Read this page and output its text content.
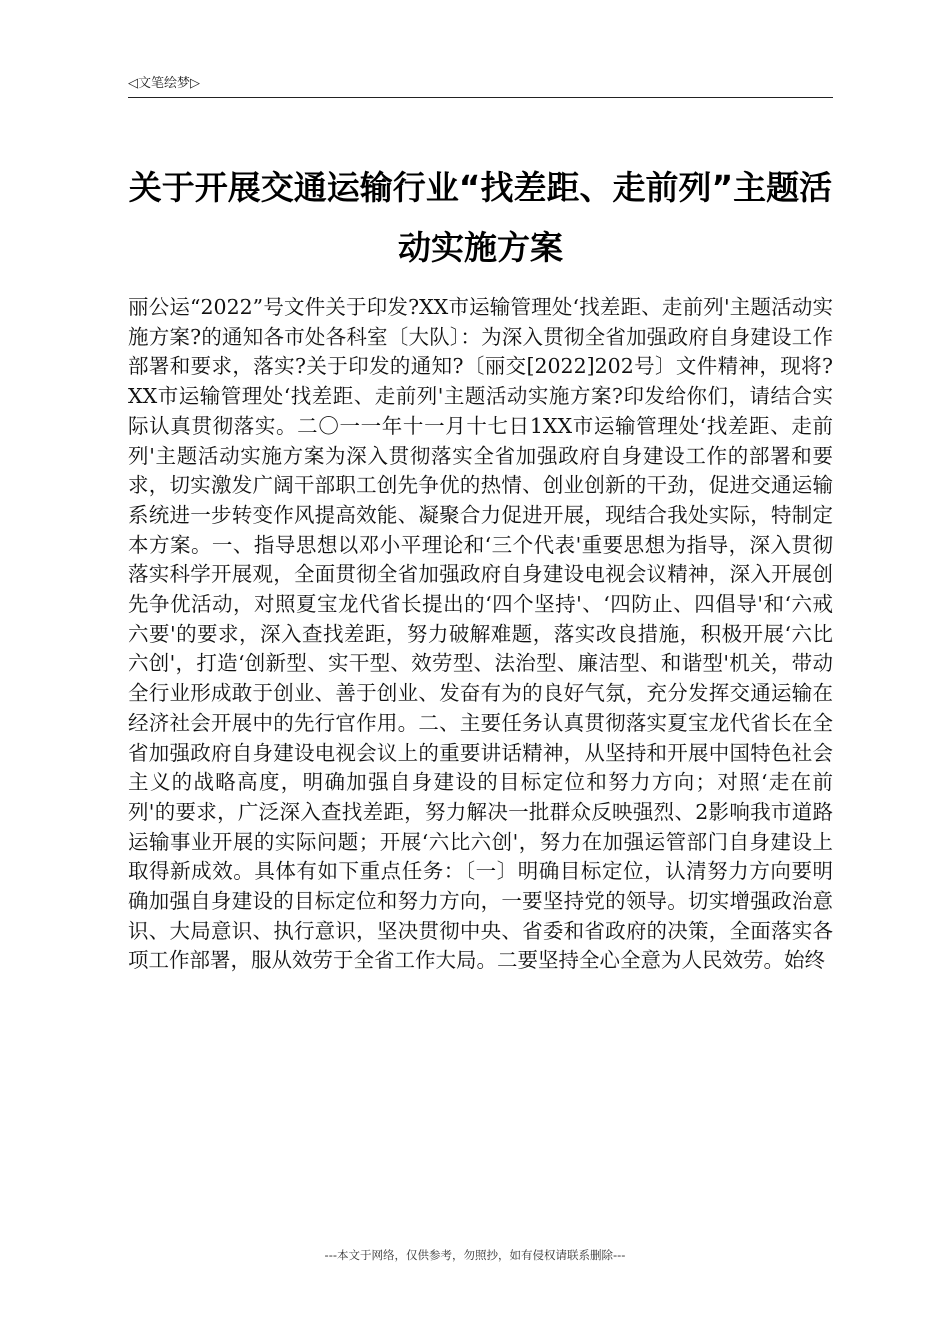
◁文笔绘梦▷
关于开展交通运输行业“找差距、走前列”主题活动实施方案

丽公运“2022”号文件关于印发?XX市运输管理处‘找差距、走前列'主题活动实施方案?的通知各市处各科室〔大队〕：为深入贯彻全省加强政府自身建设工作部署和要求，落实?关于印发的通知?〔丽交[2022]202号〕文件精神，现将?XX市运输管理处‘找差距、走前列'主题活动实施方案?印发给你们，请结合实际认真贯彻落实。二〇一一年十一月十七日1XX市运输管理处‘找差距、走前列'主题活动实施方案为深入贯彻落实全省加强政府自身建设工作的部署和要求，切实激发广阔干部职工创先争优的热情、创业创新的干劲，促进交通运输系统进一步转变作风提高效能、凝聚合力促进开展，现结合我处实际，特制定本方案。一、指导思想以邓小平理论和‘三个代表'重要思想为指导，深入贯彻落实科学开展观，全面贯彻全省加强政府自身建设电视会议精神，深入开展创先争优活动，对照夏宝龙代省长提出的‘四个坚持'、‘四防止、四倡导'和‘六戒六要'的要求，深入查找差距，努力破解难题，落实改良措施，积极开展‘六比六创'，打造‘创新型、实干型、效劳型、法治型、廉洁型、和谐型'机关，带动全行业形成敢于创业、善于创业、发奋有为的良好气氛，充分发挥交通运输在经济社会开展中的先行官作用。二、主要任务认真贯彻落实夏宝龙代省长在全省加强政府自身建设电视会议上的重要讲话精神，从坚持和开展中国特色社会主义的战略高度，明确加强自身建设的目标定位和努力方向；对照‘走在前列'的要求，广泛深入查找差距，努力解决一批群众反映强烈、2影响我市道路运输事业开展的实际问题；开展‘六比六创'，努力在加强运管部门自身建设上取得新成效。具体有如下重点任务：〔一〕明确目标定位，认清努力方向要明确加强自身建设的目标定位和努力方向，一要坚持党的领导。切实增强政治意识、大局意识、执行意识，坚决贯彻中央、省委和省政府的决策，全面落实各项工作部署，服从效劳于全省工作大局。二要坚持全心全意为人民效劳。始终

---本文于网络，仅供参考，勿照抄，如有侵权请联系删除---
